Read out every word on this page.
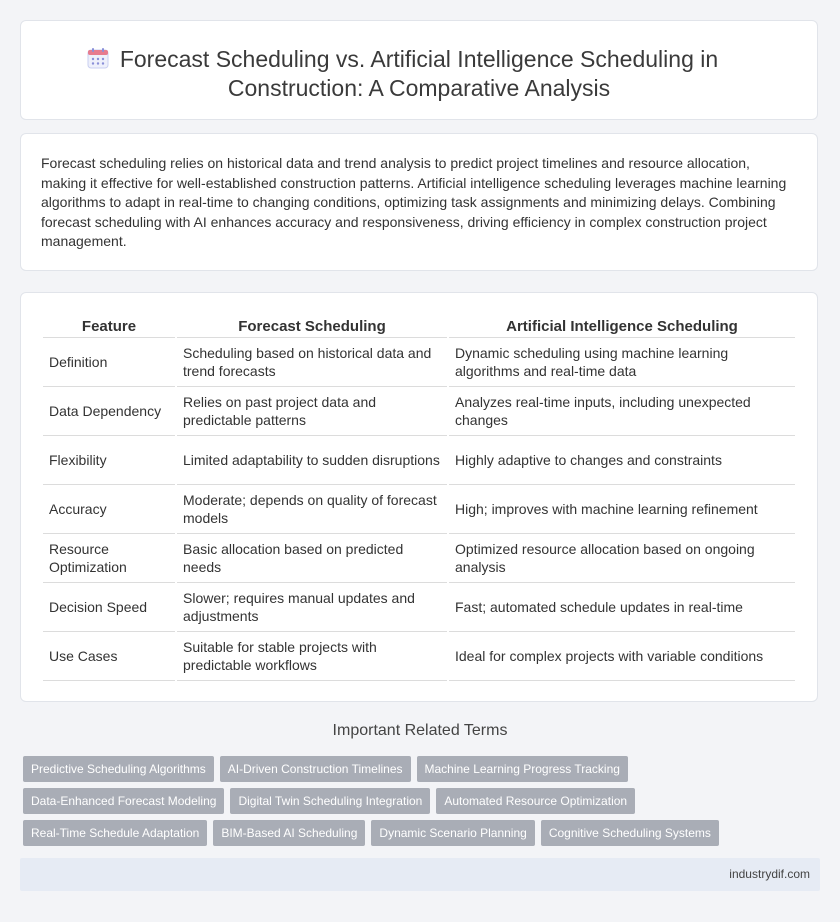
Forecast Scheduling vs. Artificial Intelligence Scheduling in
Construction: A Comparative Analysis
Forecast scheduling relies on historical data and trend analysis to predict project timelines and resource allocation, making it effective for well-established construction patterns. Artificial intelligence scheduling leverages machine learning algorithms to adapt in real-time to changing conditions, optimizing task assignments and minimizing delays. Combining forecast scheduling with AI enhances accuracy and responsiveness, driving efficiency in complex construction project management.
Feature	Forecast Scheduling	Artificial Intelligence Scheduling
Definition	Scheduling based on historical data and trend forecasts	Dynamic scheduling using machine learning algorithms and real-time data
Data Dependency	Relies on past project data and predictable patterns	Analyzes real-time inputs, including unexpected changes
Flexibility	Limited adaptability to sudden disruptions	Highly adaptive to changes and constraints
Accuracy	Moderate; depends on quality of forecast models	High; improves with machine learning refinement
Resource Optimization	Basic allocation based on predicted needs	Optimized resource allocation based on ongoing analysis
Decision Speed	Slower; requires manual updates and adjustments	Fast; automated schedule updates in real-time
Use Cases	Suitable for stable projects with predictable workflows	Ideal for complex projects with variable conditions
Important Related Terms
Predictive Scheduling Algorithms	AI-Driven Construction Timelines	Machine Learning Progress Tracking
Data-Enhanced Forecast Modeling	Digital Twin Scheduling Integration	Automated Resource Optimization
Real-Time Schedule Adaptation	BIM-Based AI Scheduling	Dynamic Scenario Planning	Cognitive Scheduling Systems
industrydif.com
